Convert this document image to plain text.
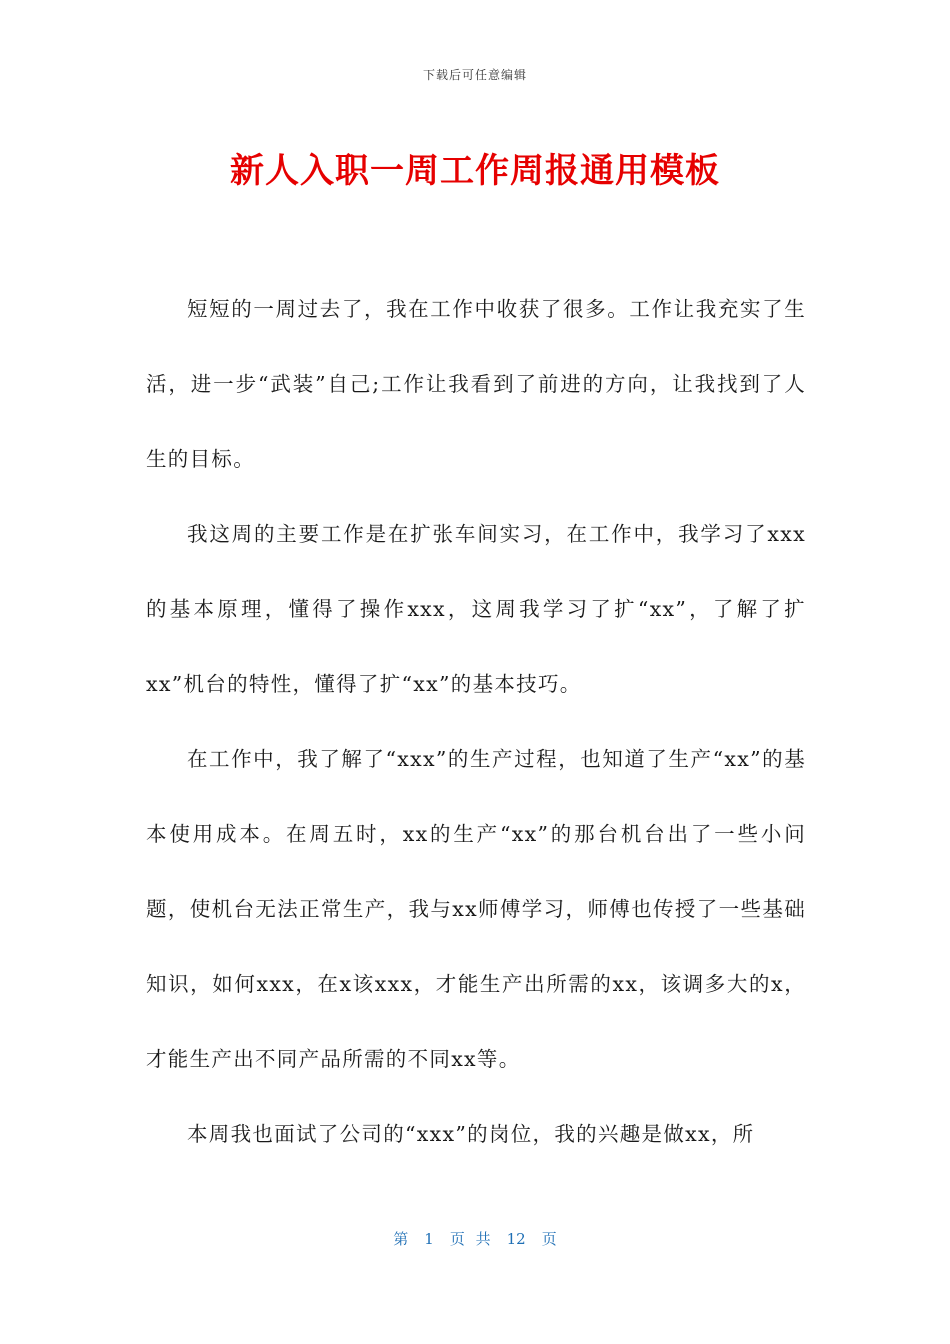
下载后可任意编辑
新人入职一周工作周报通用模板

短短的一周过去了，我在工作中收获了很多。工作让我充实了生活，进一步“武装”自己;工作让我看到了前进的方向，让我找到了人生的目标。

我这周的主要工作是在扩张车间实习，在工作中，我学习了xxx的基本原理，懂得了操作xxx，这周我学习了扩“xx”，了解了扩xx”机台的特性，懂得了扩“xx”的基本技巧。

在工作中，我了解了“xxx”的生产过程，也知道了生产“xx”的基本使用成本。在周五时，xx的生产“xx”的那台机台出了一些小问题，使机台无法正常生产，我与xx师傅学习，师傅也传授了一些基础知识，如何xxx，在x该xxx，才能生产出所需的xx，该调多大的x，才能生产出不同产品所需的不同xx等。

本周我也面试了公司的“xxx”的岗位，我的兴趣是做xx，所

第 1 页 共 12 页
